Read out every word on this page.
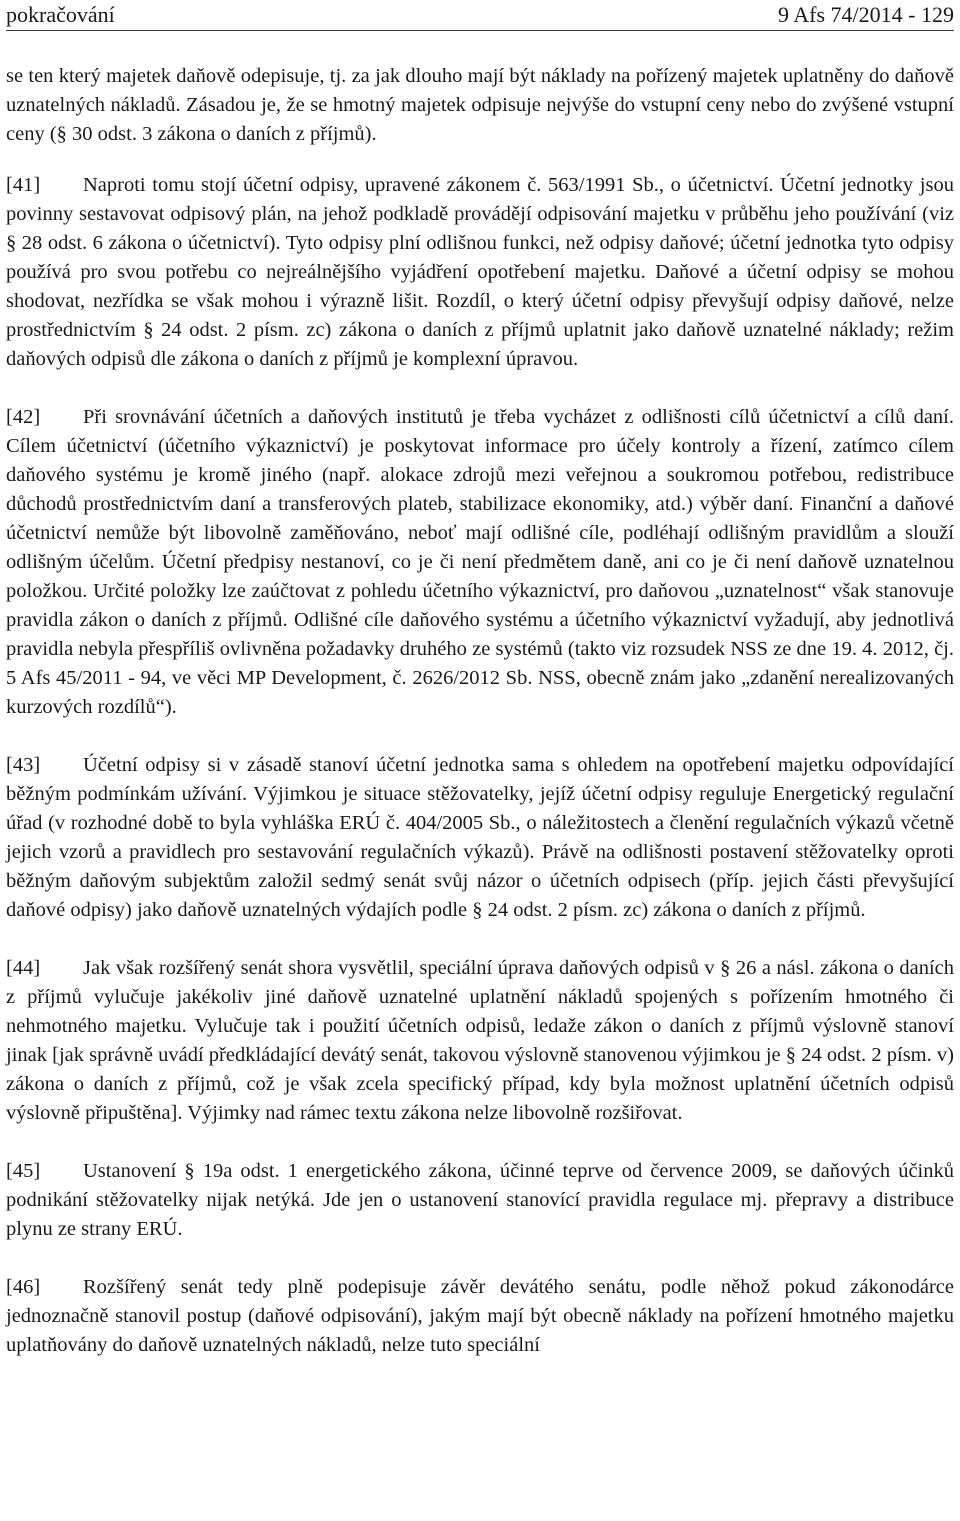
pokračování	9 Afs 74/2014 - 129

se ten který majetek daňově odepisuje, tj. za jak dlouho mají být náklady na pořízený majetek uplatněny do daňově uznatelných nákladů. Zásadou je, že se hmotný majetek odpisuje nejvýše do vstupní ceny nebo do zvýšené vstupní ceny (§ 30 odst. 3 zákona o daních z příjmů).

[41] Naproti tomu stojí účetní odpisy, upravené zákonem č. 563/1991 Sb., o účetnictví. Účetní jednotky jsou povinny sestavovat odpisový plán, na jehož podkladě provádějí odpisování majetku v průběhu jeho používání (viz § 28 odst. 6 zákona o účetnictví). Tyto odpisy plní odlišnou funkci, než odpisy daňové; účetní jednotka tyto odpisy používá pro svou potřebu co nejreálnějšího vyjádření opotřebení majetku. Daňové a účetní odpisy se mohou shodovat, nezřídka se však mohou i výrazně lišit. Rozdíl, o který účetní odpisy převyšují odpisy daňové, nelze prostřednictvím § 24 odst. 2 písm. zc) zákona o daních z příjmů uplatnit jako daňově uznatelné náklady; režim daňových odpisů dle zákona o daních z příjmů je komplexní úpravou.

[42] Při srovnávání účetních a daňových institutů je třeba vycházet z odlišnosti cílů účetnictví a cílů daní. Cílem účetnictví (účetního výkaznictví) je poskytovat informace pro účely kontroly a řízení, zatímco cílem daňového systému je kromě jiného (např. alokace zdrojů mezi veřejnou a soukromou potřebou, redistribuce důchodů prostřednictvím daní a transferových plateb, stabilizace ekonomiky, atd.) výběr daní. Finanční a daňové účetnictví nemůže být libovolně zaměňováno, neboť mají odlišné cíle, podléhají odlišným pravidlům a slouží odlišným účelům. Účetní předpisy nestanoví, co je či není předmětem daně, ani co je či není daňově uznatelnou položkou. Určité položky lze zaúčtovat z pohledu účetního výkaznictví, pro daňovou „uznatelnost“ však stanovuje pravidla zákon o daních z příjmů. Odlišné cíle daňového systému a účetního výkaznictví vyžadují, aby jednotlivá pravidla nebyla přespříliš ovlivněna požadavky druhého ze systémů (takto viz rozsudek NSS ze dne 19. 4. 2012, čj. 5 Afs 45/2011 - 94, ve věci MP Development, č. 2626/2012 Sb. NSS, obecně znám jako „zdanění nerealizovaných kurzových rozdílů“).

[43] Účetní odpisy si v zásadě stanoví účetní jednotka sama s ohledem na opotřebení majetku odpovídající běžným podmínkám užívání. Výjimkou je situace stěžovatelky, jejíž účetní odpisy reguluje Energetický regulační úřad (v rozhodné době to byla vyhláška ERÚ č. 404/2005 Sb., o náležitostech a členění regulačních výkazů včetně jejich vzorů a pravidlech pro sestavování regulačních výkazů). Právě na odlišnosti postavení stěžovatelky oproti běžným daňovým subjektům založil sedmý senát svůj názor o účetních odpisech (příp. jejich části převyšující daňové odpisy) jako daňově uznatelných výdajích podle § 24 odst. 2 písm. zc) zákona o daních z příjmů.

[44] Jak však rozšířený senát shora vysvětlil, speciální úprava daňových odpisů v § 26 a násl. zákona o daních z příjmů vylučuje jakékoliv jiné daňově uznatelné uplatnění nákladů spojených s pořízením hmotného či nehmotného majetku. Vylučuje tak i použití účetních odpisů, ledaže zákon o daních z příjmů výslovně stanoví jinak [jak správně uvádí předkládající devátý senát, takovou výslovně stanovenou výjimkou je § 24 odst. 2 písm. v) zákona o daních z příjmů, což je však zcela specifický případ, kdy byla možnost uplatnění účetních odpisů výslovně připuštěna]. Výjimky nad rámec textu zákona nelze libovolně rozšiřovat.

[45] Ustanovení § 19a odst. 1 energetického zákona, účinné teprve od července 2009, se daňových účinků podnikání stěžovatelky nijak netýká. Jde jen o ustanovení stanovící pravidla regulace mj. přepravy a distribuce plynu ze strany ERÚ.

[46] Rozšířený senát tedy plně podepisuje závěr devátého senátu, podle něhož pokud zákonodárce jednoznačně stanovil postup (daňové odpisování), jakým mají být obecně náklady na pořízení hmotného majetku uplatňovány do daňově uznatelných nákladů, nelze tuto speciální
